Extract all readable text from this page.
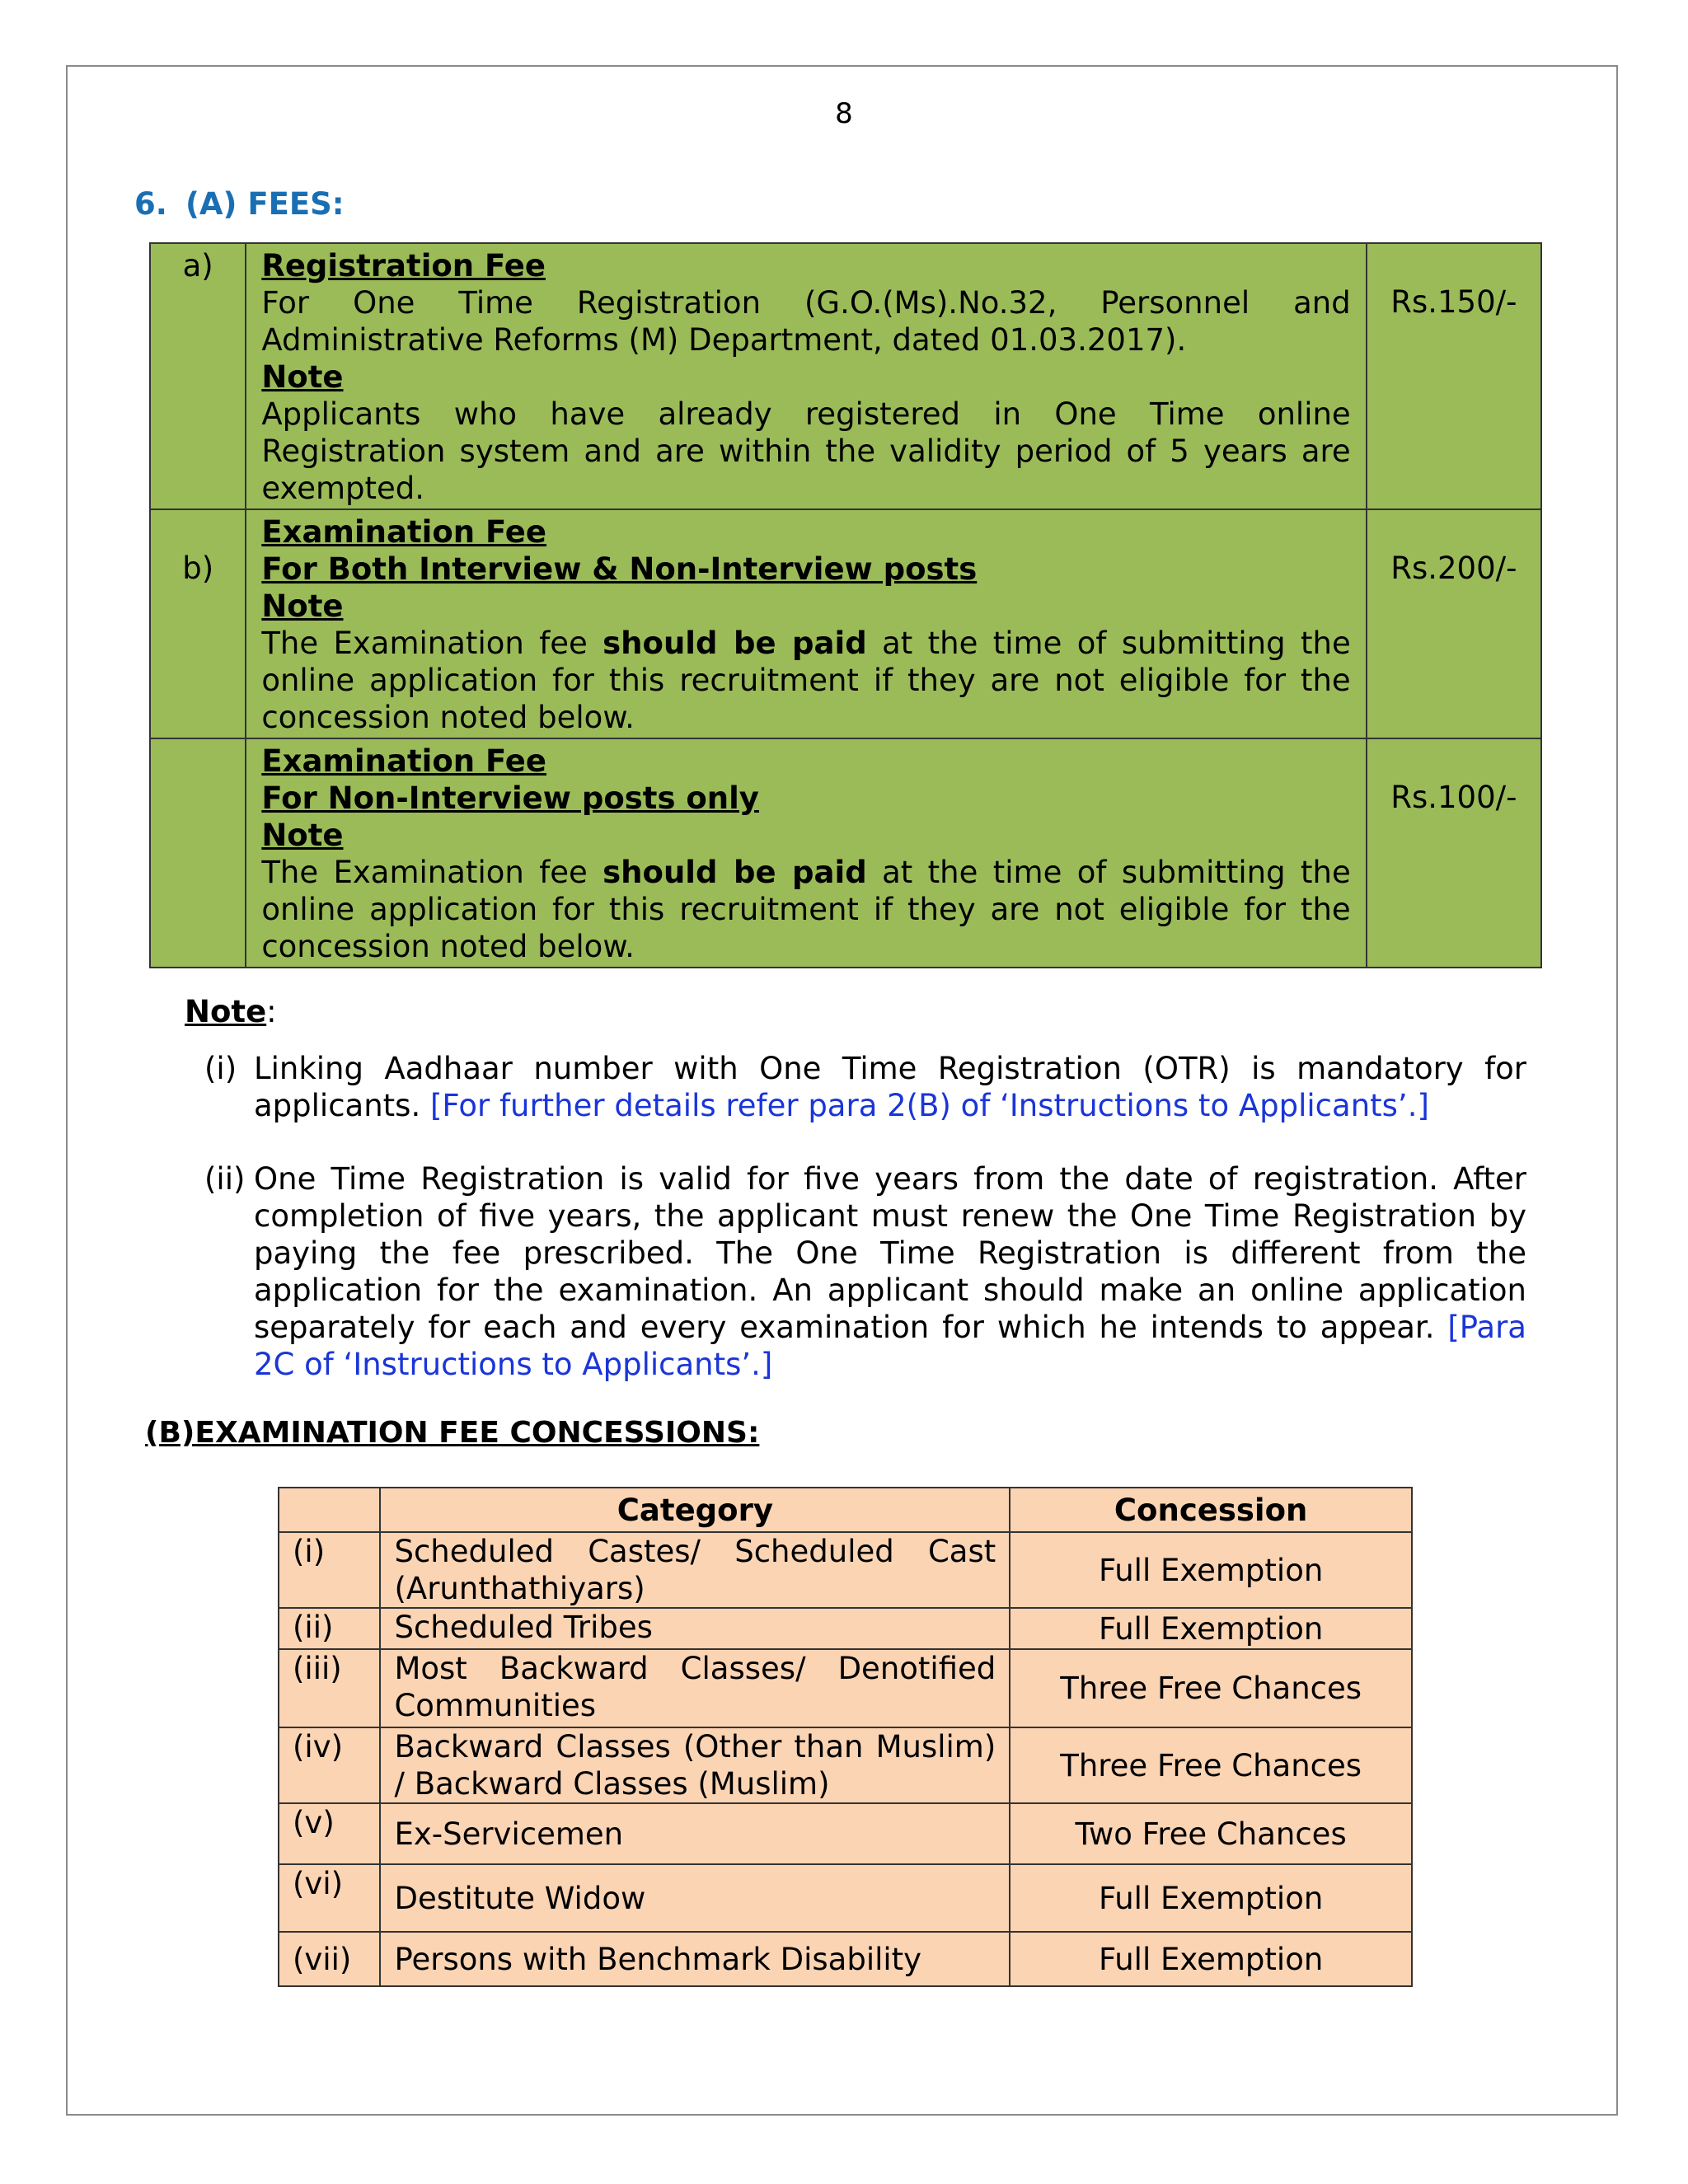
8
6. (A) FEES:
a)	Registration Fee
For One Time Registration (G.O.(Ms).No.32, Personnel and Administrative Reforms (M) Department, dated 01.03.2017).
Note
Applicants who have already registered in One Time online Registration system and are within the validity period of 5 years are exempted.	Rs.150/-
b)	Examination Fee
For Both Interview & Non-Interview posts
Note
The Examination fee should be paid at the time of submitting the online application for this recruitment if they are not eligible for the concession noted below.	Rs.200/-

	Examination Fee
For Non-Interview posts only
Note
The Examination fee should be paid at the time of submitting the online application for this recruitment if they are not eligible for the concession noted below.	Rs.100/-
Note:
(i) Linking Aadhaar number with One Time Registration (OTR) is mandatory for applicants. [For further details refer para 2(B) of ‘Instructions to Applicants’.]
(ii) One Time Registration is valid for five years from the date of registration. After completion of five years, the applicant must renew the One Time Registration by paying the fee prescribed. The One Time Registration is different from the application for the examination. An applicant should make an online application separately for each and every examination for which he intends to appear. [Para 2C of ‘Instructions to Applicants’.]
(B)EXAMINATION FEE CONCESSIONS:
	Category	Concession
(i)	Scheduled Castes/ Scheduled Cast (Arunthathiyars)	Full Exemption
(ii)	Scheduled Tribes	Full Exemption
(iii)	Most Backward Classes/ Denotified Communities	Three Free Chances
(iv)	Backward Classes (Other than Muslim) / Backward Classes (Muslim)	Three Free Chances
(v)	Ex-Servicemen	Two Free Chances
(vi)	Destitute Widow	Full Exemption
(vii)	Persons with Benchmark Disability	Full Exemption
